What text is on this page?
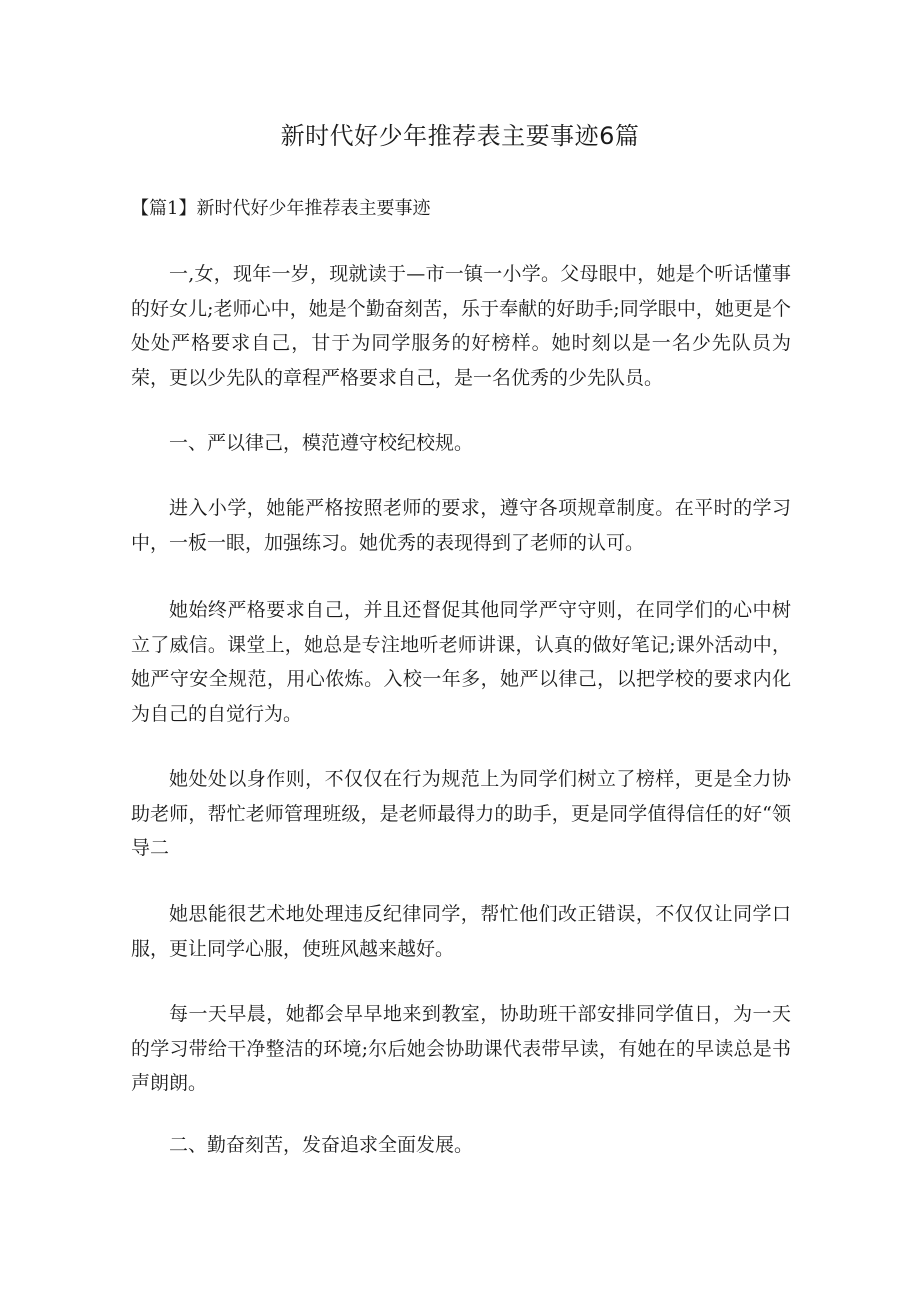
新时代好少年推荐表主要事迹6篇
【篇1】新时代好少年推荐表主要事迹

一,女，现年一岁，现就读于—市一镇一小学。父母眼中，她是个听话懂事的好女儿;老师心中，她是个勤奋刻苦，乐于奉献的好助手;同学眼中，她更是个处处严格要求自己，甘于为同学服务的好榜样。她时刻以是一名少先队员为荣，更以少先队的章程严格要求自己，是一名优秀的少先队员。

一、严以律己，模范遵守校纪校规。

进入小学，她能严格按照老师的要求，遵守各项规章制度。在平时的学习中，一板一眼，加强练习。她优秀的表现得到了老师的认可。

她始终严格要求自己，并且还督促其他同学严守守则，在同学们的心中树立了威信。课堂上，她总是专注地听老师讲课，认真的做好笔记;课外活动中，她严守安全规范，用心侬炼。入校一年多，她严以律己，以把学校的要求内化为自己的自觉行为。

她处处以身作则，不仅仅在行为规范上为同学们树立了榜样，更是全力协助老师，帮忙老师管理班级，是老师最得力的助手，更是同学值得信任的好“领导二

她思能很艺术地处理违反纪律同学，帮忙他们改正错误，不仅仅让同学口服，更让同学心服，使班风越来越好。

每一天早晨，她都会早早地来到教室，协助班干部安排同学值日，为一天的学习带给干净整洁的环境;尔后她会协助课代表带早读，有她在的早读总是书声朗朗。

二、勤奋刻苦，发奋追求全面发展。
